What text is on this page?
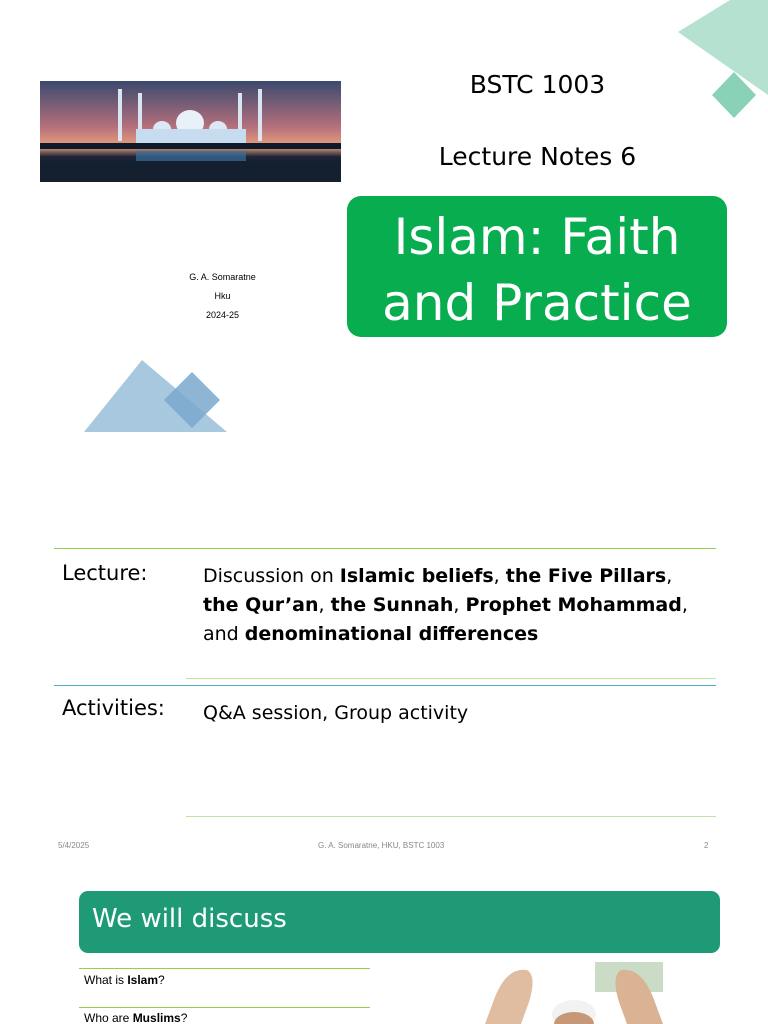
BSTC 1003
Lecture Notes 6
Islam: Faith
and Practice
G. A. Somaratne
Hku
2024-25
Lecture:	Discussion on Islamic beliefs, the Five Pillars, the Qur’an, the Sunnah, Prophet Mohammad, and denominational differences
Activities: Q&A session, Group activity
5/4/2025	G. A. Somaratne, HKU, BSTC 1003	2
We will discuss
What is Islam?
Who are Muslims?
